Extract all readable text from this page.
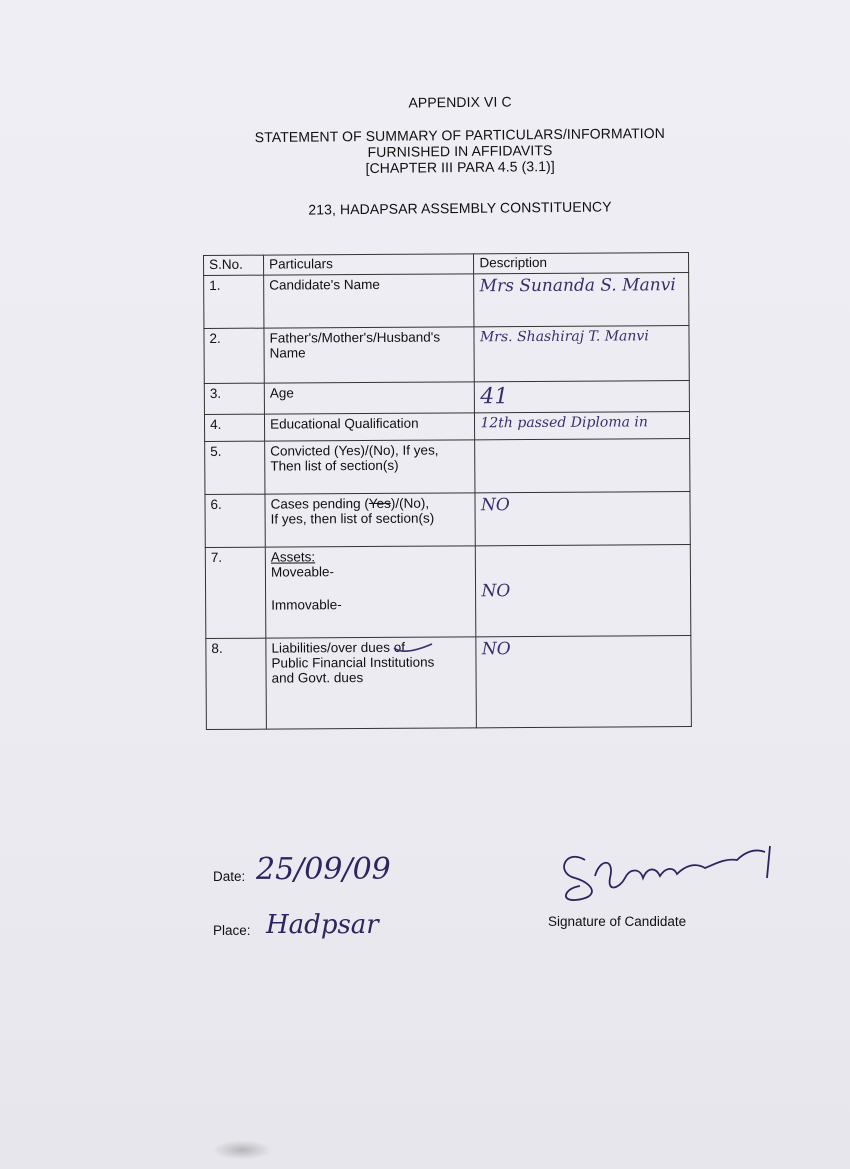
APPENDIX VI C
STATEMENT OF SUMMARY OF PARTICULARS/INFORMATION
FURNISHED IN AFFIDAVITS
[CHAPTER III PARA 4.5 (3.1)]
213, HADAPSAR ASSEMBLY CONSTITUENCY
S.No.	Particulars	Description
1.	Candidate's Name	Mrs Sunanda S. Manvi
2.	Father's/Mother's/Husband's
Name	Mrs. Shashiraj T. Manvi
3.	Age	41
4.	Educational Qualification	12th passed Diploma in
5.	Convicted (Yes)/(No), If yes,
Then list of section(s)	

6.	Cases pending (Yes)/(No),
If yes, then list of section(s)	NO
7.	Assets:
Moveable-
Immovable-	NO
8.	Liabilities/over dues of
Public Financial Institutions
and Govt. dues	NO
Date: 25/09/09
Place: Hadpsar	Signature of Candidate
